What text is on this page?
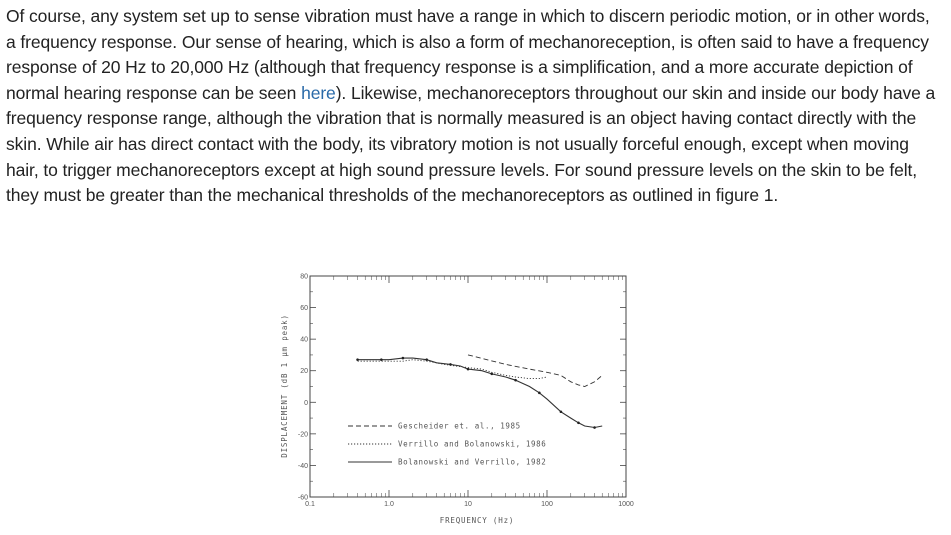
Of course, any system set up to sense vibration must have a range in which to discern periodic motion, or in other words, a frequency response. Our sense of hearing, which is also a form of mechanoreception, is often said to have a frequency response of 20 Hz to 20,000 Hz (although that frequency response is a simplification, and a more accurate depiction of normal hearing response can be seen here). Likewise, mechanoreceptors throughout our skin and inside our body have a frequency response range, although the vibration that is normally measured is an object having contact directly with the skin. While air has direct contact with the body, its vibratory motion is not usually forceful enough, except when moving hair, to trigger mechanoreceptors except at high sound pressure levels. For sound pressure levels on the skin to be felt, they must be greater than the mechanical thresholds of the mechanoreceptors as outlined in figure 1.

-60
-40
-20
0
20
40
60
80
0.1	1.0	10	100	1000
Gescheider et. al., 1985
Verrillo and Bolanowski, 1986
Bolanowski and Verrillo, 1982
FREQUENCY (Hz)
DISPLACEMENT (dB 1 µm peak)
